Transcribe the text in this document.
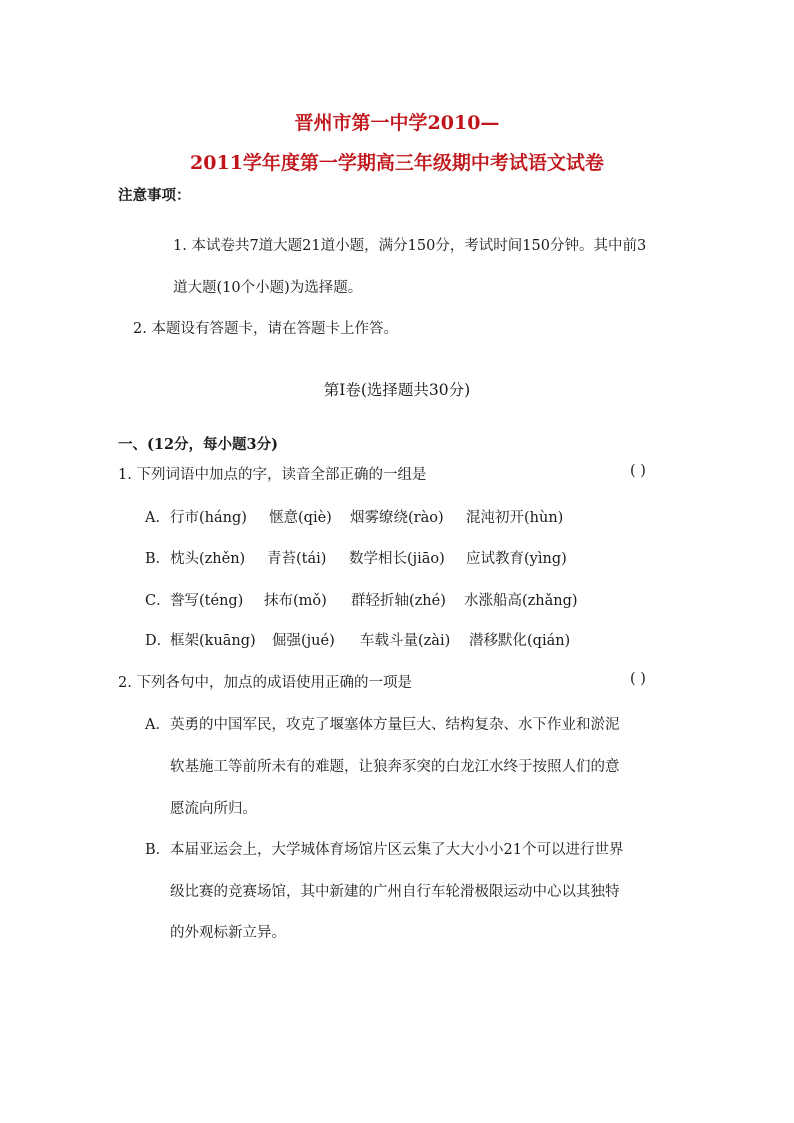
晋州市第一中学2010—
2011学年度第一学期高三年级期中考试语文试卷
注意事项：
1. 本试卷共7道大题21道小题，满分150分，考试时间150分钟。其中前3
道大题(10个小题)为选择题。
2. 本题设有答题卡，请在答题卡上作答。
第Ⅰ卷(选择题共30分)
一、(12分，每小题3分)
1. 下列词语中加点的字，读音全部正确的一组是	( )
A． 行市(háng) 惬意(qiè) 烟雾缭绕(rào) 混沌初开(hùn)
B． 枕头(zhěn) 青苔(tái) 数学相长(jiāo) 应试教育(yìng)
C． 誊写(téng) 抹布(mǒ) 群轻折轴(zhé) 水涨船高(zhǎng)
D．
框架(kuāng) 倔强(jué) 车载斗量(zài) 潜移默化(qián)
2. 下列各句中，加点的成语使用正确的一项是	( )
A． 英勇的中国军民，攻克了堰塞体方量巨大、结构复杂、水下作业和淤泥
软基施工等前所未有的难题，让狼奔豕突的白龙江水终于按照人们的意
愿流向所归。
B． 本届亚运会上，大学城体育场馆片区云集了大大小小21个可以进行世界
级比赛的竞赛场馆，其中新建的广州自行车轮滑极限运动中心以其独特
的外观标新立异。
